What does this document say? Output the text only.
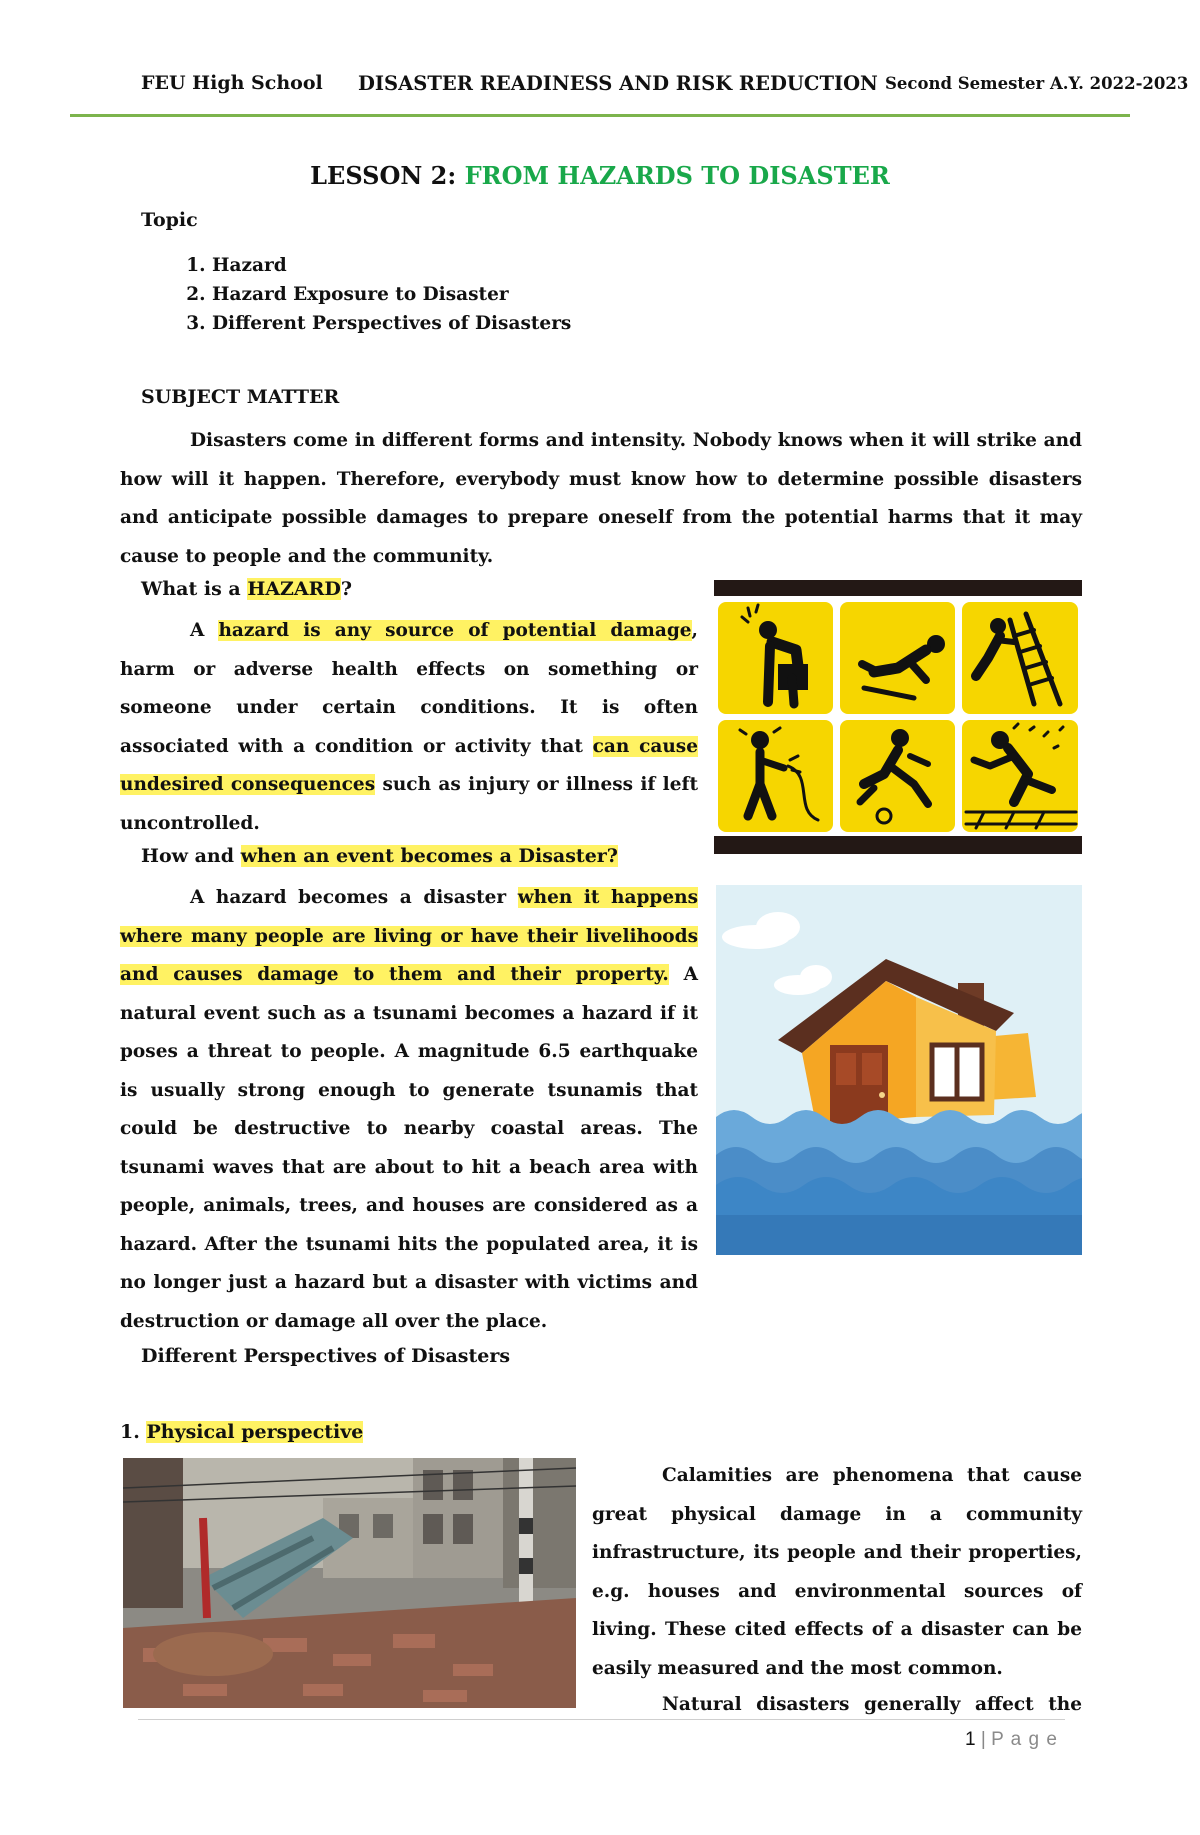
FEU High School DISASTER READINESS AND RISK REDUCTION Second Semester A.Y. 2022-2023
LESSON 2: FROM HAZARDS TO DISASTER
Topic
1. Hazard
2. Hazard Exposure to Disaster
3. Different Perspectives of Disasters
SUBJECT MATTER
Disasters come in different forms and intensity. Nobody knows when it will strike and how will it happen. Therefore, everybody must know how to determine possible disasters and anticipate possible damages to prepare oneself from the potential harms that it may cause to people and the community.
What is a HAZARD?
A hazard is any source of potential damage, harm or adverse health effects on something or someone under certain conditions. It is often associated with a condition or activity that can cause undesired consequences such as injury or illness if left uncontrolled.
How and when an event becomes a Disaster?
A hazard becomes a disaster when it happens where many people are living or have their livelihoods and causes damage to them and their property. A natural event such as a tsunami becomes a hazard if it poses a threat to people. A magnitude 6.5 earthquake is usually strong enough to generate tsunamis that could be destructive to nearby coastal areas. The tsunami waves that are about to hit a beach area with people, animals, trees, and houses are considered as a hazard. After the tsunami hits the populated area, it is no longer just a hazard but a disaster with victims and destruction or damage all over the place.
Different Perspectives of Disasters
1. Physical perspective
Calamities are phenomena that cause great physical damage in a community infrastructure, its people and their properties, e.g. houses and environmental sources of living. These cited effects of a disaster can be easily measured and the most common.
Natural disasters generally affect the
1 | P a g e
